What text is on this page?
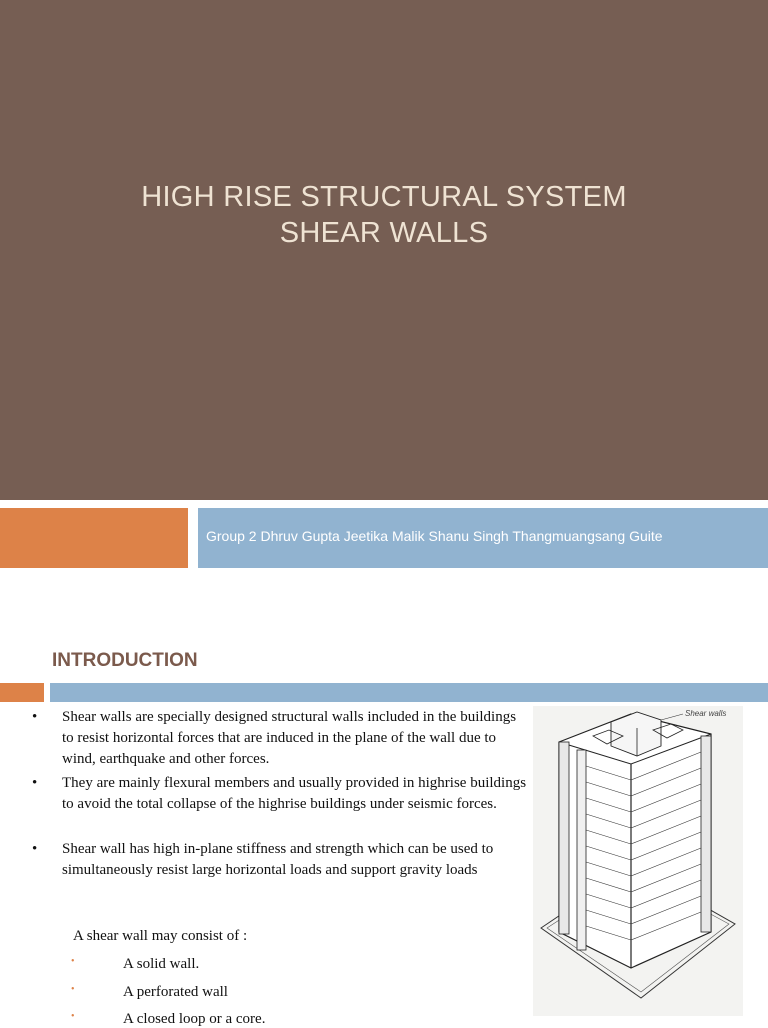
HIGH RISE STRUCTURAL SYSTEM
SHEAR WALLS
Group 2 Dhruv Gupta Jeetika Malik Shanu Singh Thangmuangsang Guite
INTRODUCTION
• Shear walls are specially designed structural walls included in the buildings to resist horizontal forces that are induced in the plane of the wall due to wind, earthquake and other forces.
• They are mainly flexural members and usually provided in highrise buildings to avoid the total collapse of the highrise buildings under seismic forces.
• Shear wall has high in-plane stiffness and strength which can be used to simultaneously resist large horizontal loads and support gravity loads
A shear wall may consist of :
•	A solid wall.
•	A perforated wall
•	A closed loop or a core.
Shear walls
